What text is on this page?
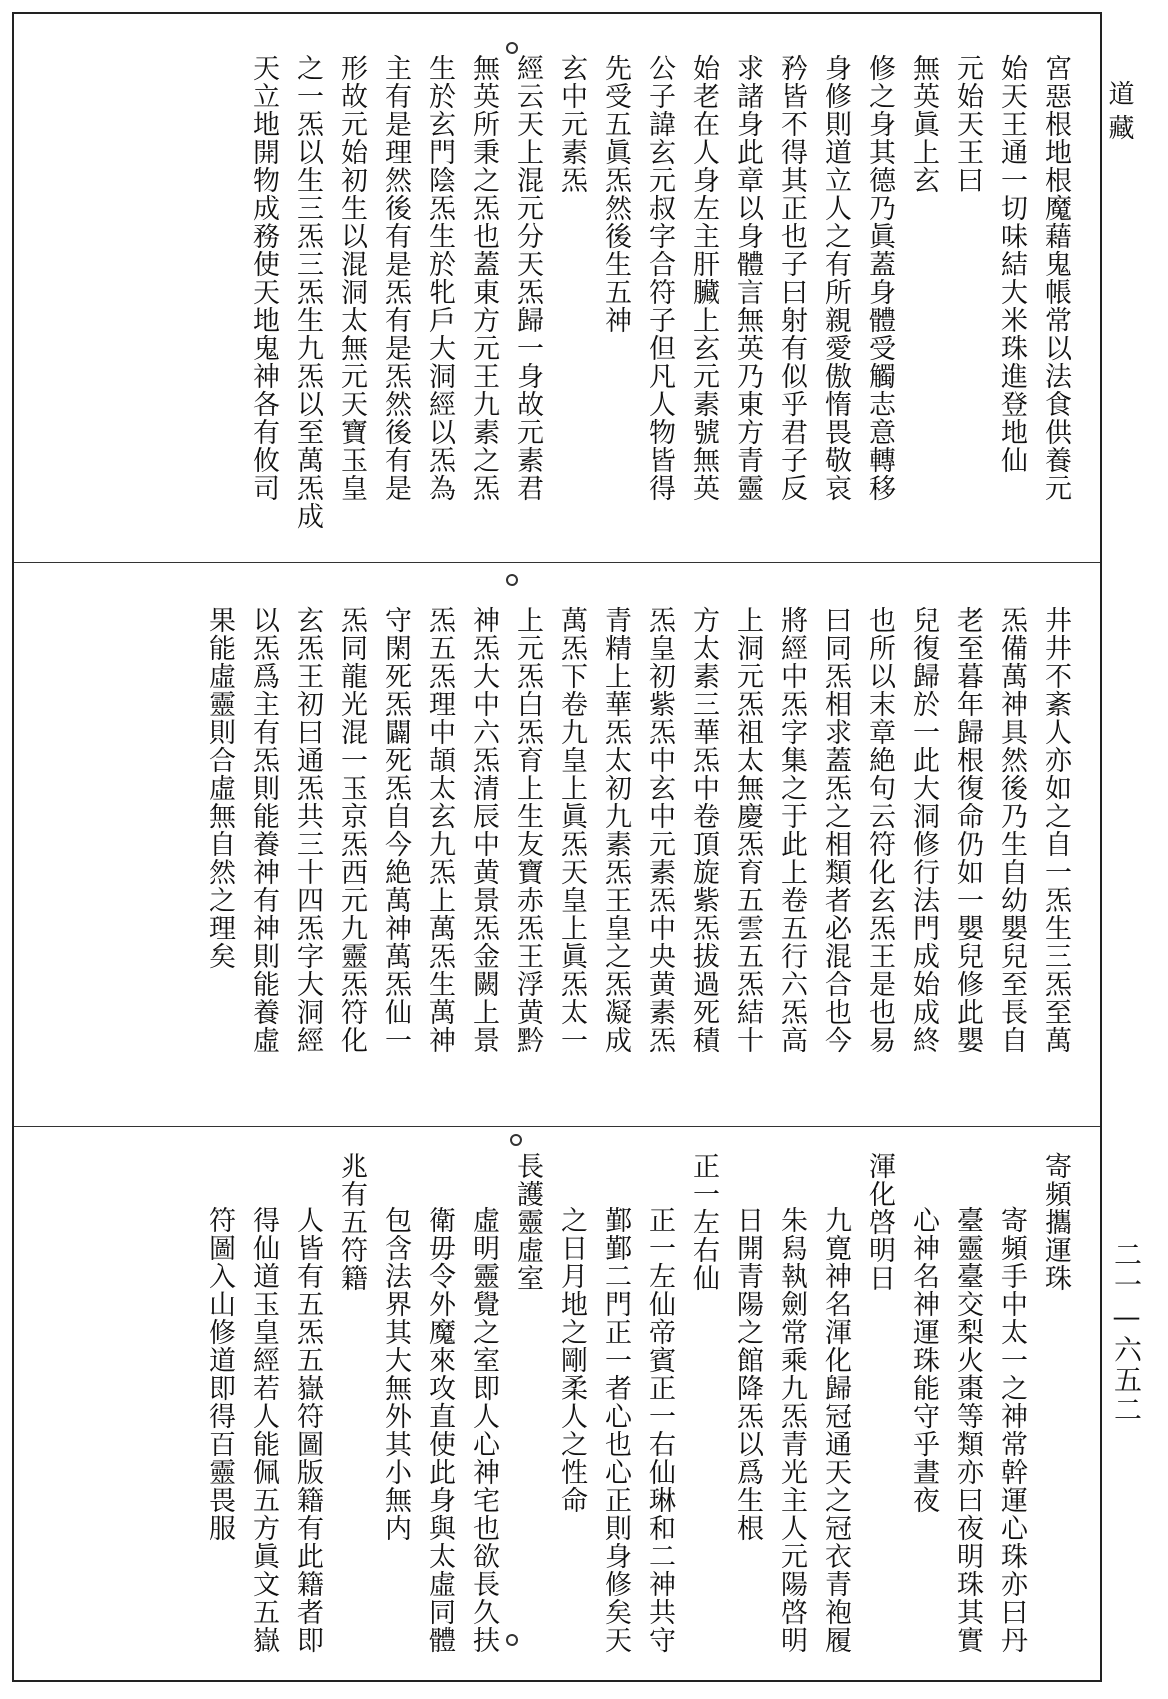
宮惡根地根魔藉鬼帳常以法食供養元
始天王通一切味結大米珠進登地仙
元始天王曰
無英眞上玄
修之身其德乃眞蓋身體受觸志意轉移
身修則道立人之有所親愛傲惰畏敬哀
矜皆不得其正也子曰射有似乎君子反
求諸身此章以身體言無英乃東方青靈
始老在人身左主肝臟上玄元素號無英
公子諱玄元叔字合符子但凡人物皆得
先受五眞炁然後生五神
玄中元素炁
經云天上混元分天炁歸一身故元素君
無英所秉之炁也蓋東方元王九素之炁
生於玄門陰炁生於牝戶大洞經以炁為
主有是理然後有是炁有是炁然後有是
形故元始初生以混洞太無元天寶玉皇
之一炁以生三炁三炁生九炁以至萬炁成
天立地開物成務使天地鬼神各有攸司
井井不紊人亦如之自一炁生三炁至萬
炁備萬神具然後乃生自幼嬰兒至長自
老至暮年歸根復命仍如一嬰兒修此嬰
兒復歸於一此大洞修行法門成始成終
也所以末章絶句云符化玄炁王是也易
曰同炁相求蓋炁之相類者必混合也今
將經中炁字集之于此上卷五行六炁高
上洞元炁祖太無慶炁育五雲五炁結十
方太素三華炁中卷頂旋紫炁拔過死積
炁皇初紫炁中玄中元素炁中央黄素炁
青精上華炁太初九素炁王皇之炁凝成
萬炁下卷九皇上眞炁天皇上眞炁太一
上元炁白炁育上生友寶赤炁王浮黄黔
神炁大中六炁清辰中黄景炁金闕上景
炁五炁理中頡太玄九炁上萬炁生萬神
守閑死炁闢死炁自今絶萬神萬炁仙一
炁同龍光混一玉京炁西元九靈炁符化
玄炁王初曰通炁共三十四炁字大洞經
以炁爲主有炁則能養神有神則能養虛
果能虛靈則合虛無自然之理矣
寄頻攜運珠
寄頻手中太一之神常幹運心珠亦曰丹
臺靈臺交梨火棗等類亦曰夜明珠其實
心神名神運珠能守乎晝夜
渾化啓明日
九寛神名渾化歸冠通天之冠衣青袍履
朱舄執劍常乘九炁青光主人元陽啓明
日開青陽之館降炁以爲生根
正一左右仙
正一左仙帝賓正一右仙琳和二神共守
鄞鄞二門正一者心也心正則身修矣天
之日月地之剛柔人之性命
長護靈虛室
虛明靈覺之室即人心神宅也欲長久扶
衛毋令外魔來攻直使此身與太虛同體
包含法界其大無外其小無内
兆有五符籍
人皆有五炁五嶽符圖版籍有此籍者即
得仙道玉皇經若人能佩五方眞文五嶽
符圖入山修道即得百靈畏服
道藏
二一—六五二
